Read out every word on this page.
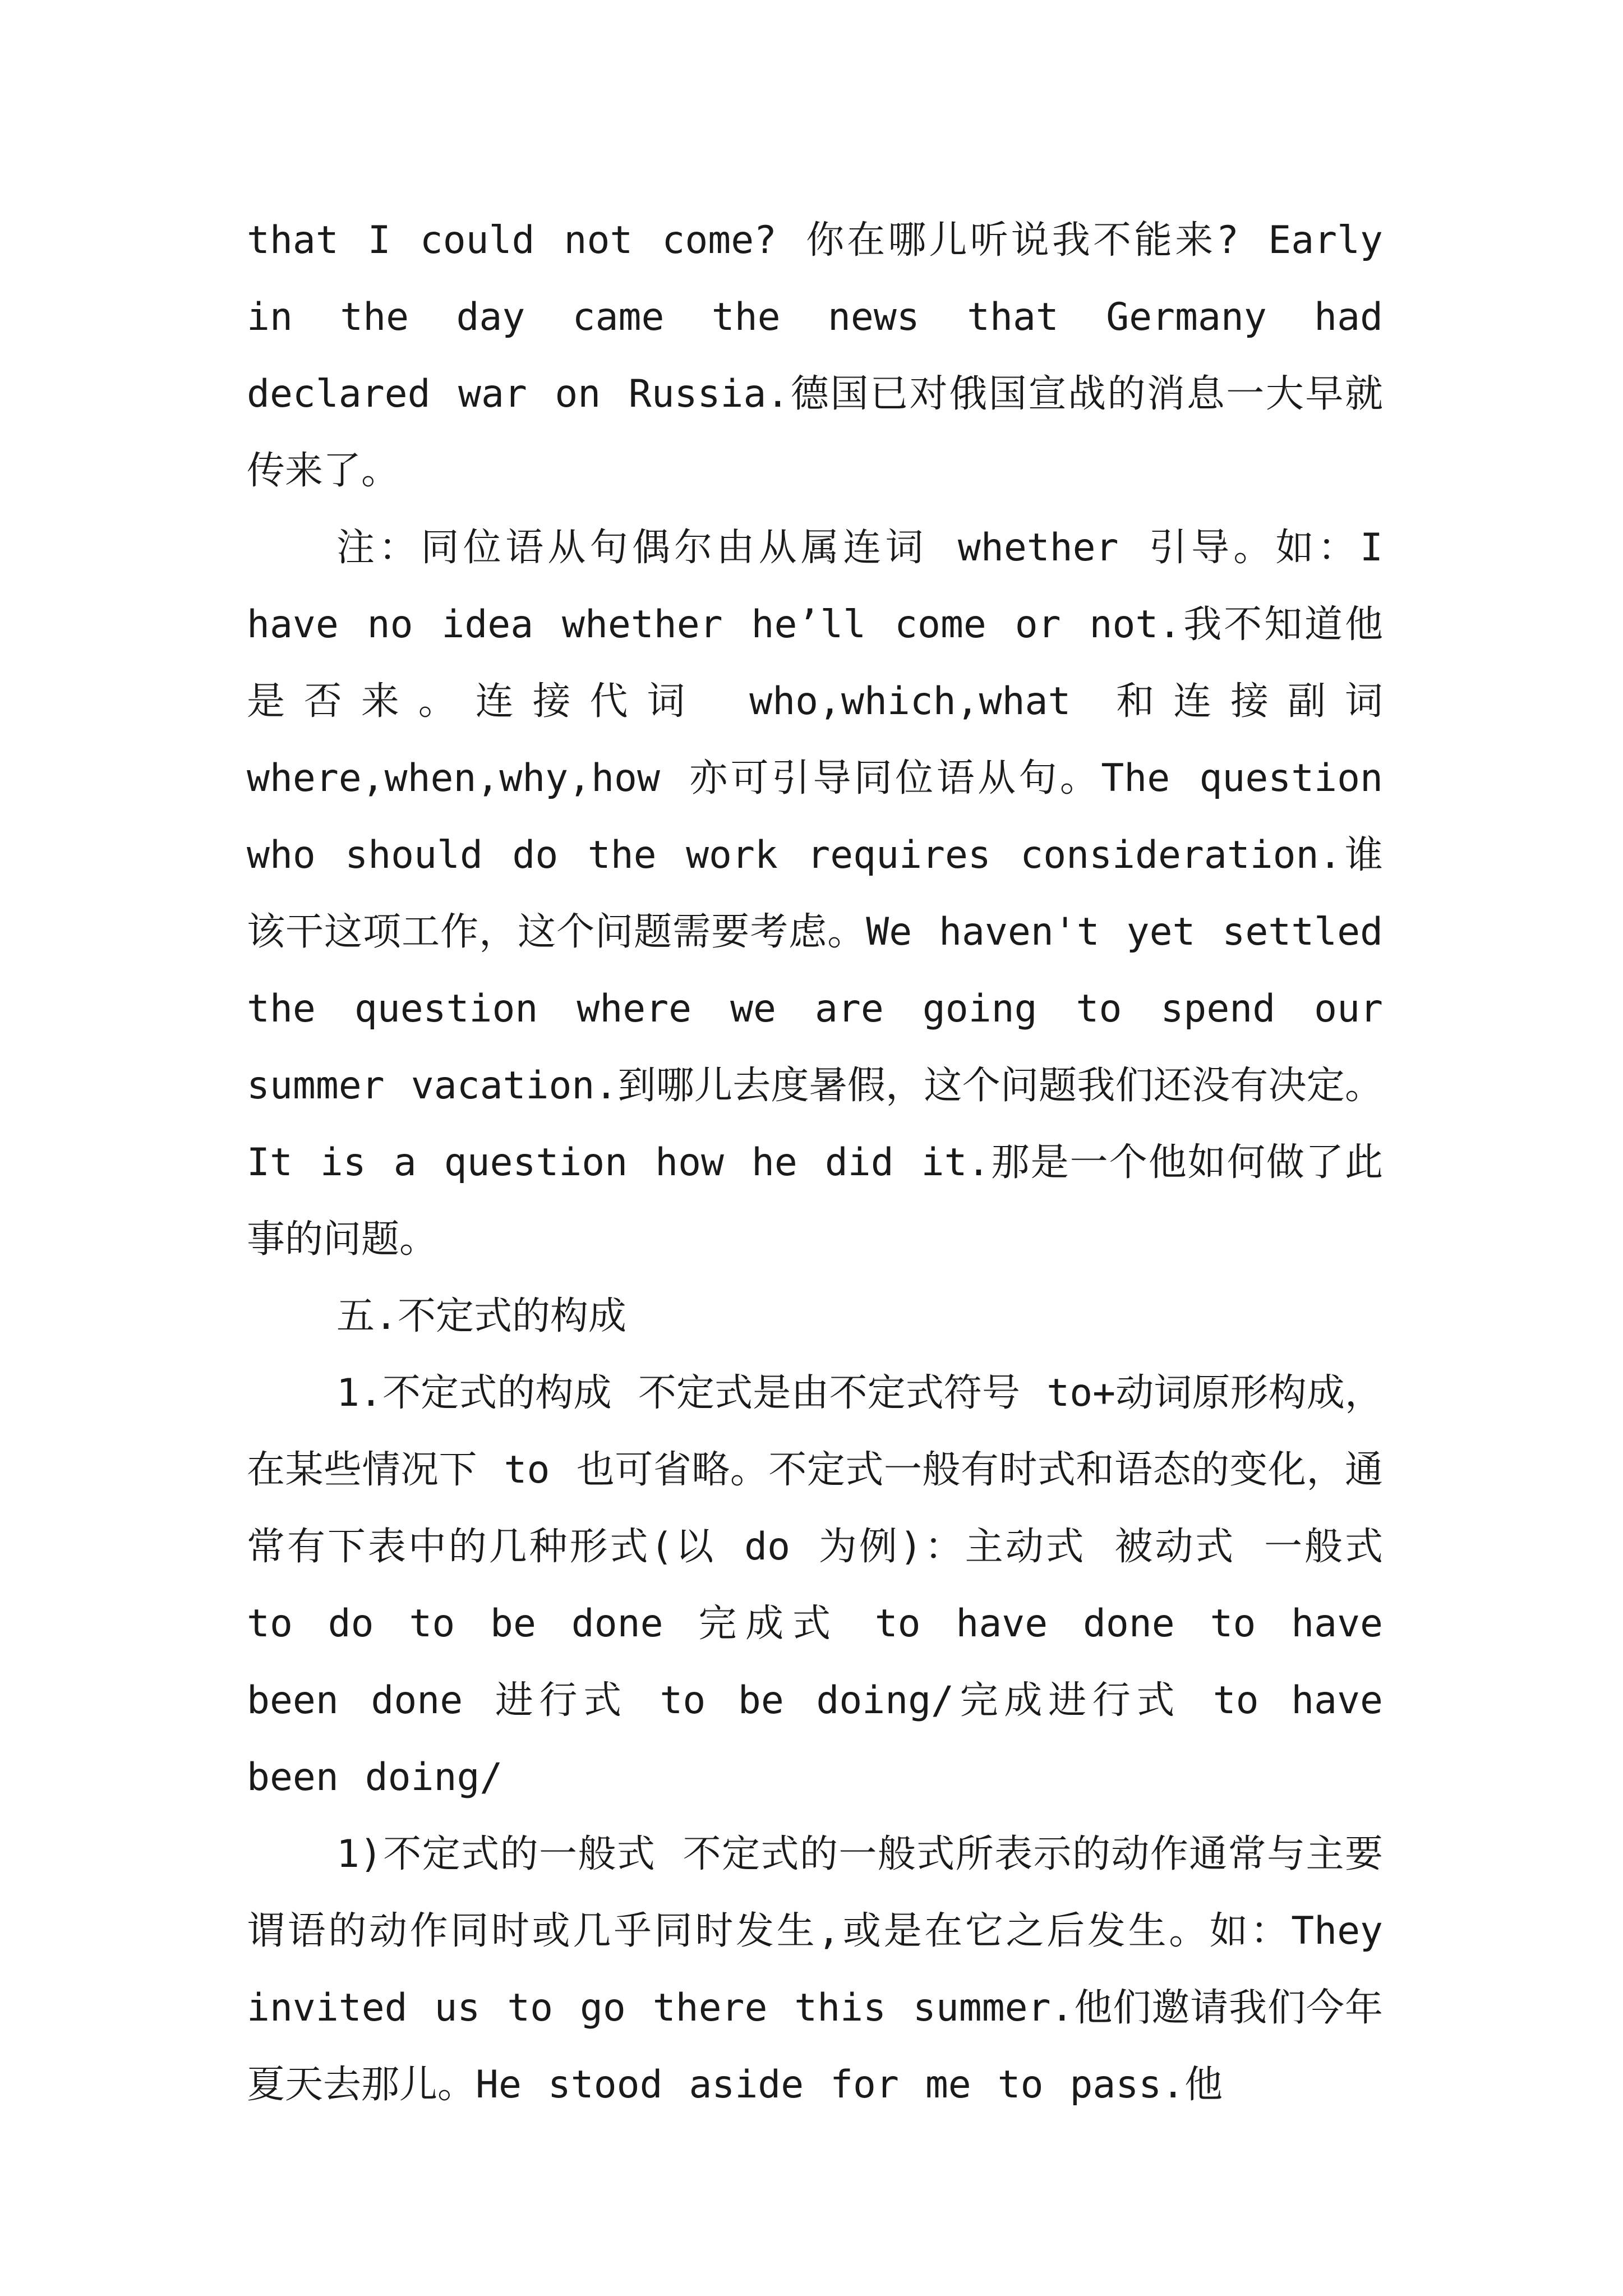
that I could not come? 你在哪儿听说我不能来? Early in the day came the news that Germany had declared war on Russia.德国已对俄国宣战的消息一大早就传来了。

注：同位语从句偶尔由从属连词 whether 引导。如：I have no idea whether he’ll come or not.我不知道他是否来。连接代词 who,which,what 和连接副词 where,when,why,how 亦可引导同位语从句。The question who should do the work requires consideration.谁该干这项工作，这个问题需要考虑。We haven't yet settled the question where we are going to spend our summer vacation.到哪儿去度暑假，这个问题我们还没有决定。It is a question how he did it.那是一个他如何做了此事的问题。

五.不定式的构成

1.不定式的构成 不定式是由不定式符号 to+动词原形构成，在某些情况下 to 也可省略。不定式一般有时式和语态的变化，通常有下表中的几种形式(以 do 为例)：主动式 被动式 一般式 to do to be done 完成式 to have done to have been done 进行式 to be doing/完成进行式 to have been doing/

1)不定式的一般式 不定式的一般式所表示的动作通常与主要谓语的动作同时或几乎同时发生,或是在它之后发生。如：They invited us to go there this summer.他们邀请我们今年夏天去那儿。He stood aside for me to pass.他
